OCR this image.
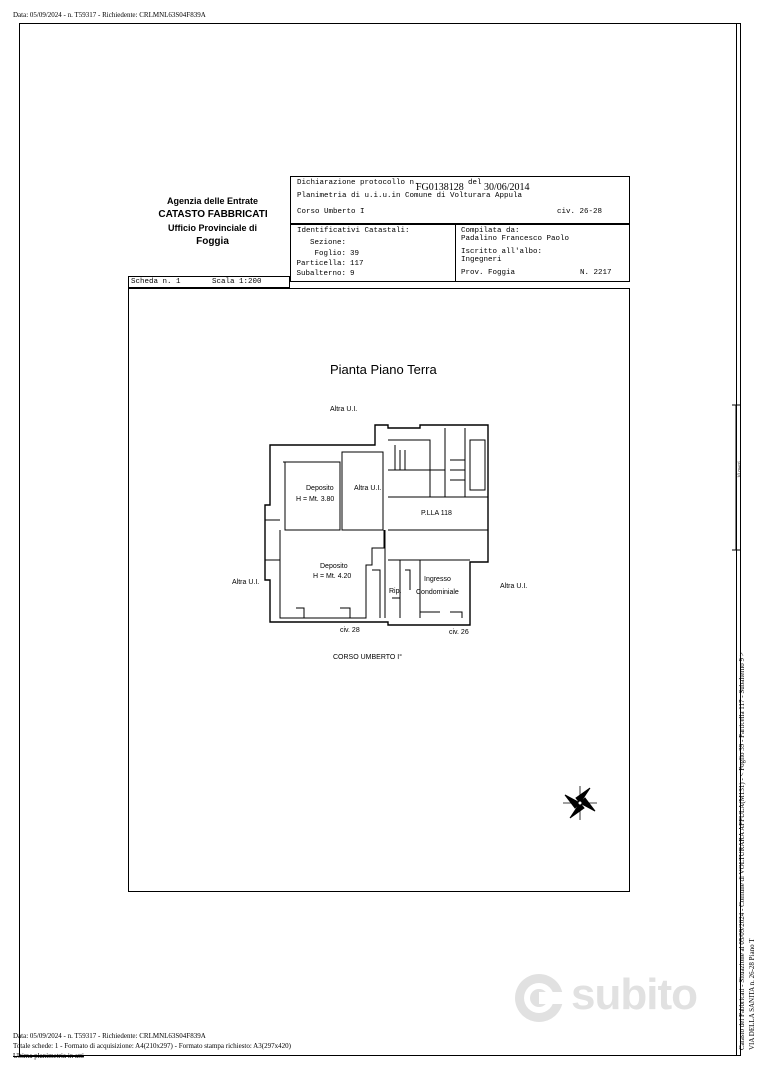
Data: 05/09/2024 - n. T59317 - Richiedente: CRLMNL63S04F839A
Agenzia delle Entrate
CATASTO FABBRICATI
Ufficio Provinciale di
Foggia
Dichiarazione protocollo n.
FG0138128 del 30/06/2014
Planimetria di u.i.u.in Comune di Volturara Appula
Corso Umberto I	civ. 26-28
Identificativi Catastali:
Sezione:
Foglio: 39
Particella: 117
Subalterno: 9
Compilata da:
Padalino Francesco Paolo
Iscritto all'albo:
Ingegneri
Prov. Foggia	N. 2217
Scheda n. 1	Scala 1:200
Pianta Piano Terra
Altra U.I.
Altra U.I.
Altra U.I.
Altra U.I.
Deposito
H = Mt. 3.80
P.LLA 118
Deposito
H = Mt. 4.20	Ingresso
Condominiale
Rip.
civ. 28	civ. 26
CORSO UMBERTO I°
10 metri
Catasto dei Fabbricati - Situazione al 05/09/2024 - Comune di VOLTURARA APPULA(M131) - < Foglio 39 - Particella 117 - Subalterno 9 > VIA DELLA SANITA n. 26-28 Piano T
Data: 05/09/2024 - n. T59317 - Richiedente: CRLMNL63S04F839A
Totale schede: 1 - Formato di acquisizione: A4(210x297) - Formato stampa richiesto: A3(297x420)
Ultima planimetria in atti
subito
